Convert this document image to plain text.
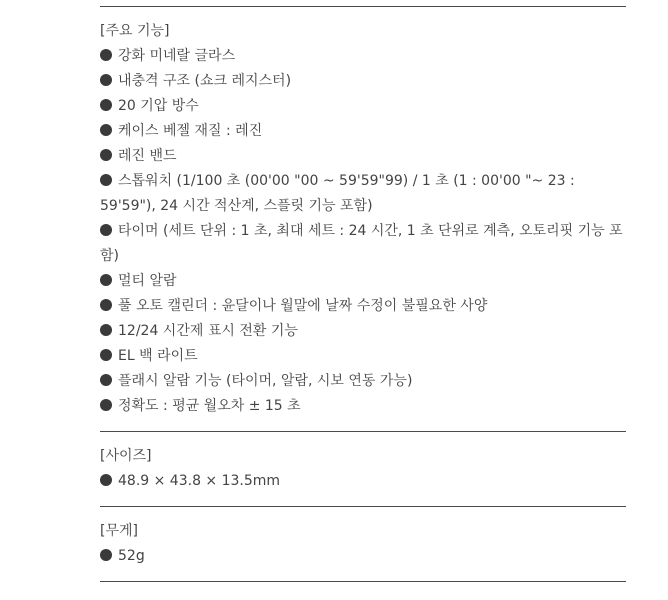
[주요 기능]
강화 미네랄 글라스
내충격 구조 (쇼크 레지스터)
20 기압 방수
케이스 베젤 재질 : 레진
레진 밴드
스톱워치 (1/100 초 (00'00 "00 ~ 59'59"99) / 1 초 (1 : 00'00 "~ 23 : 59'59"), 24 시간 적산계, 스플릿 기능 포함)
타이머 (세트 단위 : 1 초, 최대 세트 : 24 시간, 1 초 단위로 계측, 오토리핏 기능 포함)
멀티 알람
풀 오토 캘린더 : 윤달이나 월말에 날짜 수정이 불필요한 사양
12/24 시간제 표시 전환 기능
EL 백 라이트
플래시 알람 기능 (타이머, 알람, 시보 연동 가능)
정확도 : 평균 월오차 ± 15 초
[사이즈]
48.9 × 43.8 × 13.5mm
[무게]
52g
